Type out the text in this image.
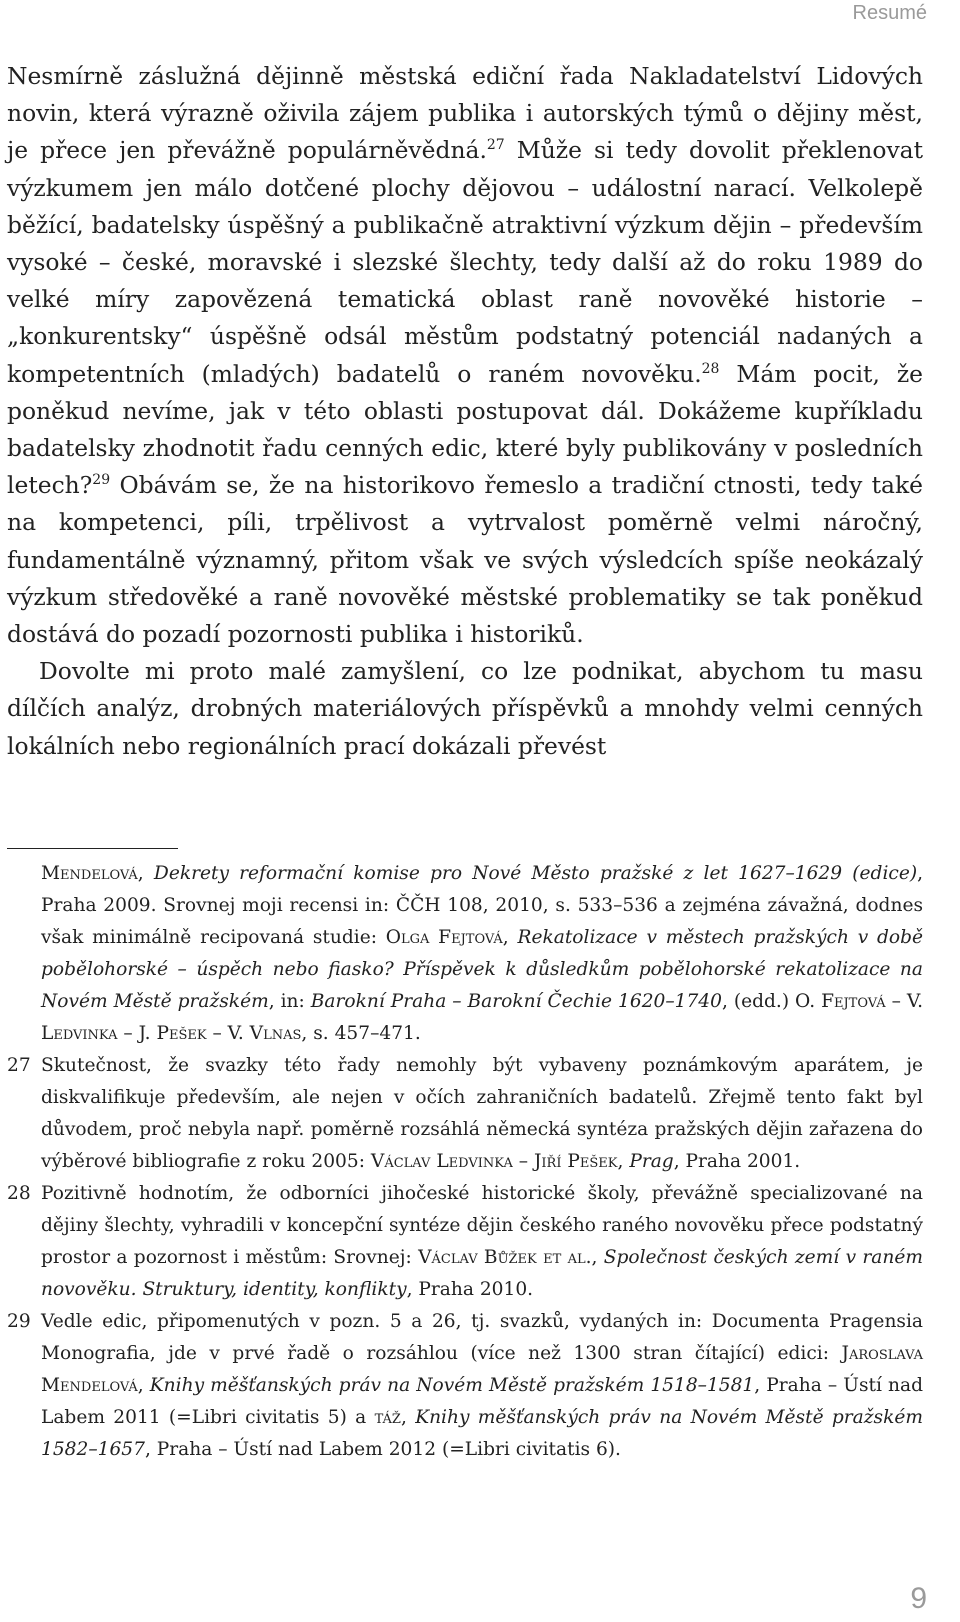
Resumé

Nesmírně záslužná dějinně městská ediční řada Nakladatelství Lidových novin, která výrazně oživila zájem publika i autorských týmů o dějiny měst, je přece jen převážně populárněvědná.$^{27}$ Může si tedy dovolit překlenovat výzkumem jen málo dotčené plochy dějovou – událostní narací. Velkolepě běžící, badatelsky úspěšný a publikačně atraktivní výzkum dějin – především vysoké – české, moravské i slezské šlechty, tedy další až do roku 1989 do velké míry zapovězená tematická oblast raně novověké historie – „konkurentsky“ úspěšně odsál městům podstatný potenciál nadaných a kompetentních (mladých) badatelů o raném novověku.$^{28}$ Mám pocit, že poněkud nevíme, jak v této oblasti postupovat dál. Dokážeme kupříkladu badatelsky zhodnotit řadu cenných edic, které byly publikovány v posledních letech?$^{29}$ Obávám se, že na historikovo řemeslo a tradiční ctnosti, tedy také na kompetenci, píli, trpělivost a vytrvalost poměrně velmi náročný, fundamentálně významný, přitom však ve svých výsledcích spíše neokázalý výzkum středověké a raně novověké městské problematiky se tak poněkud dostává do pozadí pozornosti publika i historiků.

Dovolte mi proto malé zamyšlení, co lze podnikat, abychom tu masu dílčích analýz, drobných materiálových příspěvků a mnohdy velmi cenných lokálních nebo regionálních prací dokázali převést

Mendelová, Dekrety reformační komise pro Nové Město pražské z let 1627–1629 (edice), Praha 2009. Srovnej moji recensi in: ČČH 108, 2010, s. 533–536 a zejména závažná, dodnes však minimálně recipovaná studie: Olga Fejtová, Rekatolizace v městech pražských v době pobělohorské – úspěch nebo fiasko? Příspěvek k důsledkům pobělohorské rekatolizace na Novém Městě pražském, in: Barokní Praha – Barokní Čechie 1620–1740, (edd.) O. Fejtová – V. Ledvinka – J. Pešek – V. Vlnas, s. 457–471.
27 Skutečnost, že svazky této řady nemohly být vybaveny poznámkovým aparátem, je diskvalifikuje především, ale nejen v očích zahraničních badatelů. Zřejmě tento fakt byl důvodem, proč nebyla např. poměrně rozsáhlá německá syntéza pražských dějin zařazena do výběrové bibliografie z roku 2005: Václav Ledvinka – Jiří Pešek, Prag, Praha 2001.
28 Pozitivně hodnotím, že odborníci jihočeské historické školy, převážně specializované na dějiny šlechty, vyhradili v koncepční syntéze dějin českého raného novověku přece podstatný prostor a pozornost i městům: Srovnej: Václav Bůžek et al., Společnost českých zemí v raném novověku. Struktury, identity, konflikty, Praha 2010.
29 Vedle edic, připomenutých v pozn. 5 a 26, tj. svazků, vydaných in: Documenta Pragensia Monografia, jde v prvé řadě o rozsáhlou (více než 1300 stran čítající) edici: Jaroslava Mendelová, Knihy měšťanských práv na Novém Městě pražském 1518–1581, Praha – Ústí nad Labem 2011 (=Libri civitatis 5) a táž, Knihy měšťanských práv na Novém Městě pražském 1582–1657, Praha – Ústí nad Labem 2012 (=Libri civitatis 6).
9
